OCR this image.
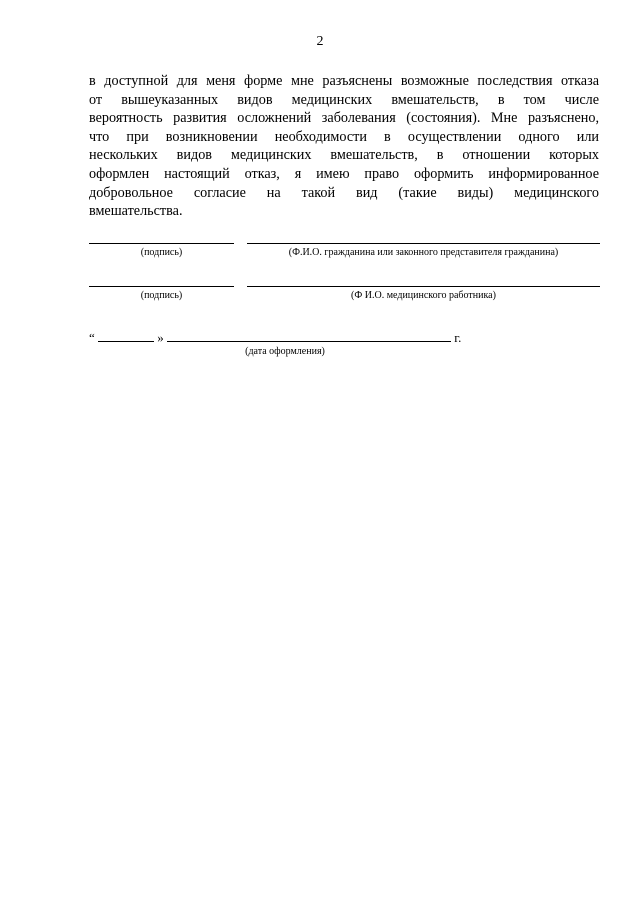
2
в доступной для меня форме мне разъяснены возможные последствия отказа
от вышеуказанных видов медицинских вмешательств, в том числе
вероятность развития осложнений заболевания (состояния). Мне разъяснено,
что при возникновении необходимости в осуществлении одного или
нескольких видов медицинских вмешательств, в отношении которых
оформлен настоящий отказ, я имею право оформить информированное
добровольное согласие на такой вид (такие виды) медицинского
вмешательства.
(подпись)	(Ф.И.О. гражданина или законного представителя гражданина)
(подпись)	(Ф И.О. медицинского работника)
“	»	г.
(дата оформления)
